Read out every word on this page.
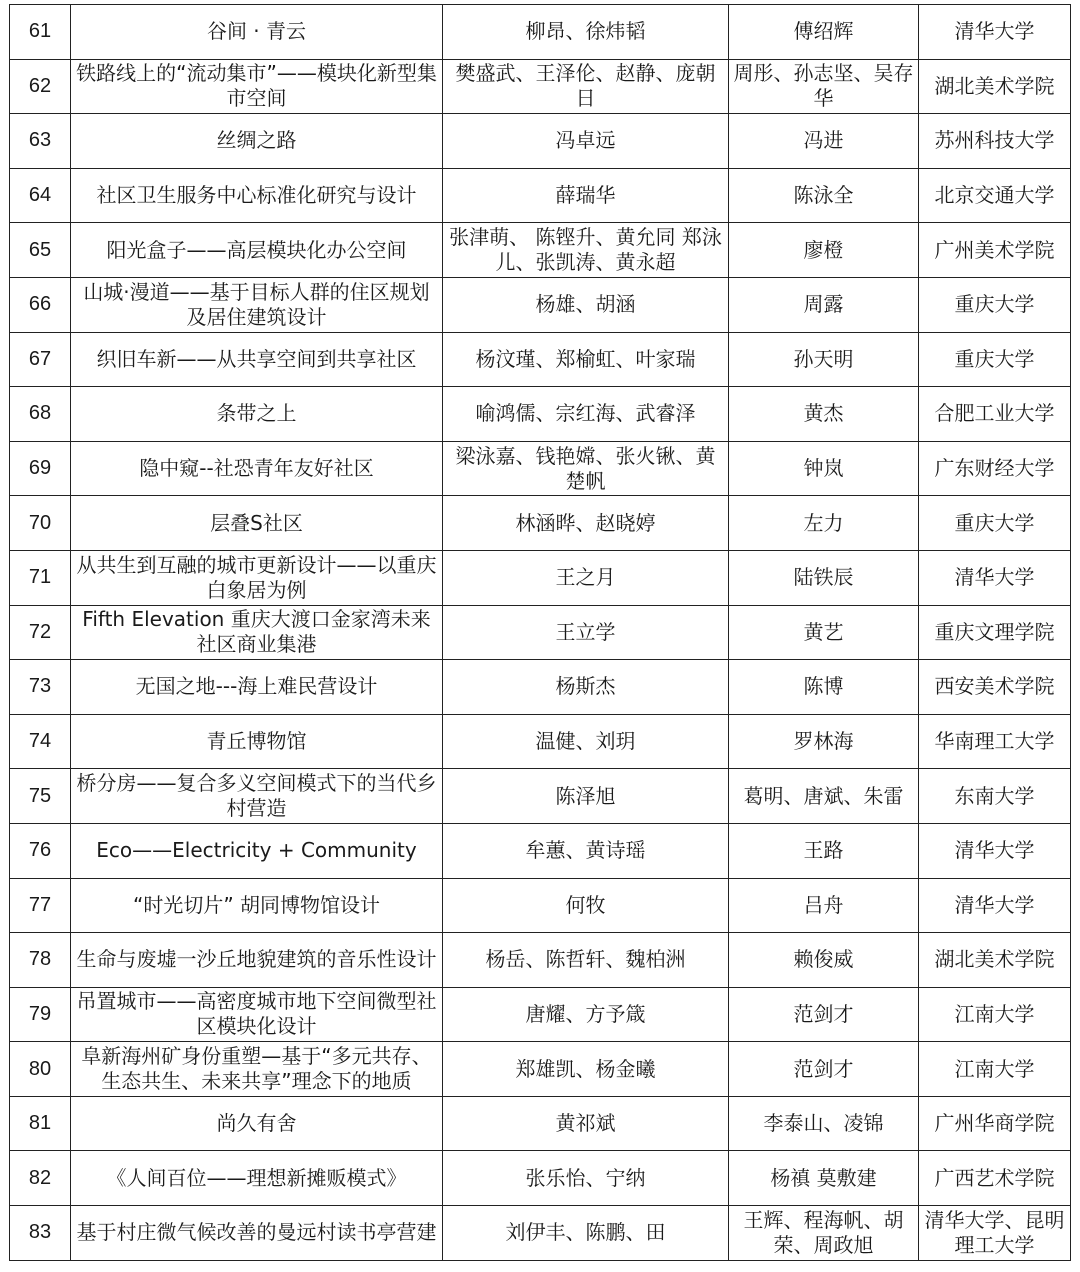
61	谷间 · 青云	柳昂、徐炜韬	傅绍辉	清华大学

62	铁路线上的“流动集市”——模块化新型集市空间	樊盛武、王泽伦、赵静、庞朝日	周彤、孙志坚、吴存华	湖北美术学院

63	丝绸之路	冯卓远	冯进	苏州科技大学

64	社区卫生服务中心标准化研究与设计	薛瑞华	陈泳全	北京交通大学

65	阳光盒子——高层模块化办公空间	张津萌、 陈铿升、黄允同 郑泳儿、张凯涛、黄永超	廖橙	广州美术学院

66	山城·漫道——基于目标人群的住区规划及居住建筑设计	杨雄、胡涵	周露	重庆大学

67	织旧车新——从共享空间到共享社区	杨汶瑾、郑榆虹、叶家瑞	孙天明	重庆大学

68	条带之上	喻鸿儒、宗红海、武睿泽	黄杰	合肥工业大学

69	隐中窥--社恐青年友好社区	梁泳嘉、钱艳嫦、张火锹、黄楚帆	钟岚	广东财经大学

70	层叠S社区	林涵晔、赵晓婷	左力	重庆大学

71	从共生到互融的城市更新设计——以重庆白象居为例	王之月	陆铁辰	清华大学

72	Fifth Elevation 重庆大渡口金家湾未来社区商业集港	王立学	黄艺	重庆文理学院

73	无国之地---海上难民营设计	杨斯杰	陈博	西安美术学院

74	青丘博物馆	温健、刘玥	罗林海	华南理工大学

75	桥分房——复合多义空间模式下的当代乡村营造	陈泽旭	葛明、唐斌、朱雷	东南大学

76	Eco——Electricity + Community	牟蕙、黄诗瑶	王路	清华大学

77	“时光切片” 胡同博物馆设计	何牧	吕舟	清华大学

78	生命与废墟一沙丘地貌建筑的音乐性设计	杨岳、陈哲轩、魏柏洲	赖俊威	湖北美术学院

79	吊置城市——高密度城市地下空间微型社区模块化设计	唐耀、方予箴	范剑才	江南大学

80	阜新海州矿身份重塑—基于“多元共存、生态共生、未来共享”理念下的地质	郑雄凯、杨金曦	范剑才	江南大学

81	尚久有舍	黄祁斌	李泰山、凌锦	广州华商学院

82	《人间百位——理想新摊贩模式》	张乐怡、宁纳	杨禛 莫敷建	广西艺术学院

83	基于村庄微气候改善的曼远村读书亭营建	刘伊丰、陈鹏、田	王辉、程海帆、胡荣、周政旭	清华大学、昆明理工大学
